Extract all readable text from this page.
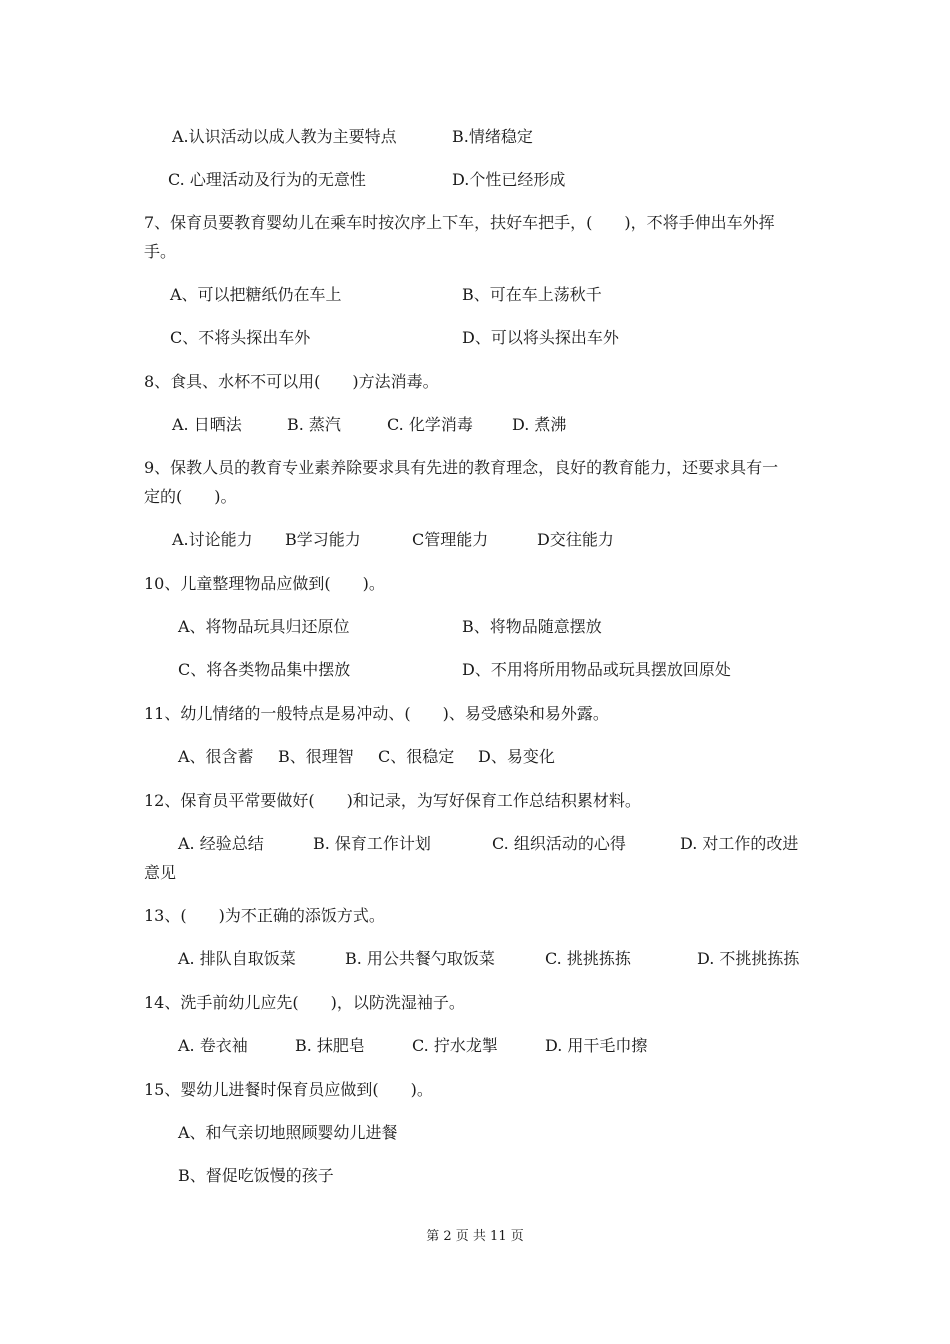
A.认识活动以成人教为主要特点	B.情绪稳定
C. 心理活动及行为的无意性	D.个性已经形成
7、保育员要教育婴幼儿在乘车时按次序上下车，扶好车把手，(　　)，不将手伸出车外挥
手。
A、可以把糖纸仍在车上	B、可在车上荡秋千
C、不将头探出车外	D、可以将头探出车外
8、食具、水杯不可以用(　　)方法消毒。
A. 日晒法	B. 蒸汽	C. 化学消毒 D. 煮沸
9、保教人员的教育专业素养除要求具有先进的教育理念，良好的教育能力，还要求具有一
定的(　　)。
A.讨论能力 B学习能力	C管理能力	D交往能力
10、儿童整理物品应做到(　　)。
A、将物品玩具归还原位	B、将物品随意摆放
C、将各类物品集中摆放	D、不用将所用物品或玩具摆放回原处
11、幼儿情绪的一般特点是易冲动、(　　)、易受感染和易外露。
A、很含蓄 B、很理智 C、很稳定 D、易变化
12、保育员平常要做好(　　)和记录，为写好保育工作总结积累材料。
A. 经验总结	B. 保育工作计划	C. 组织活动的心得	D. 对工作的改进
意见
13、(　　)为不正确的添饭方式。
A. 排队自取饭菜	B. 用公共餐勺取饭菜	C. 挑挑拣拣	D. 不挑挑拣拣
14、洗手前幼儿应先(　　)，以防洗湿袖子。
A. 卷衣袖	B. 抹肥皂	C. 拧水龙掣	D. 用干毛巾擦
15、婴幼儿进餐时保育员应做到(　　)。
A、和气亲切地照顾婴幼儿进餐
B、督促吃饭慢的孩子
第 2 页 共 11 页
